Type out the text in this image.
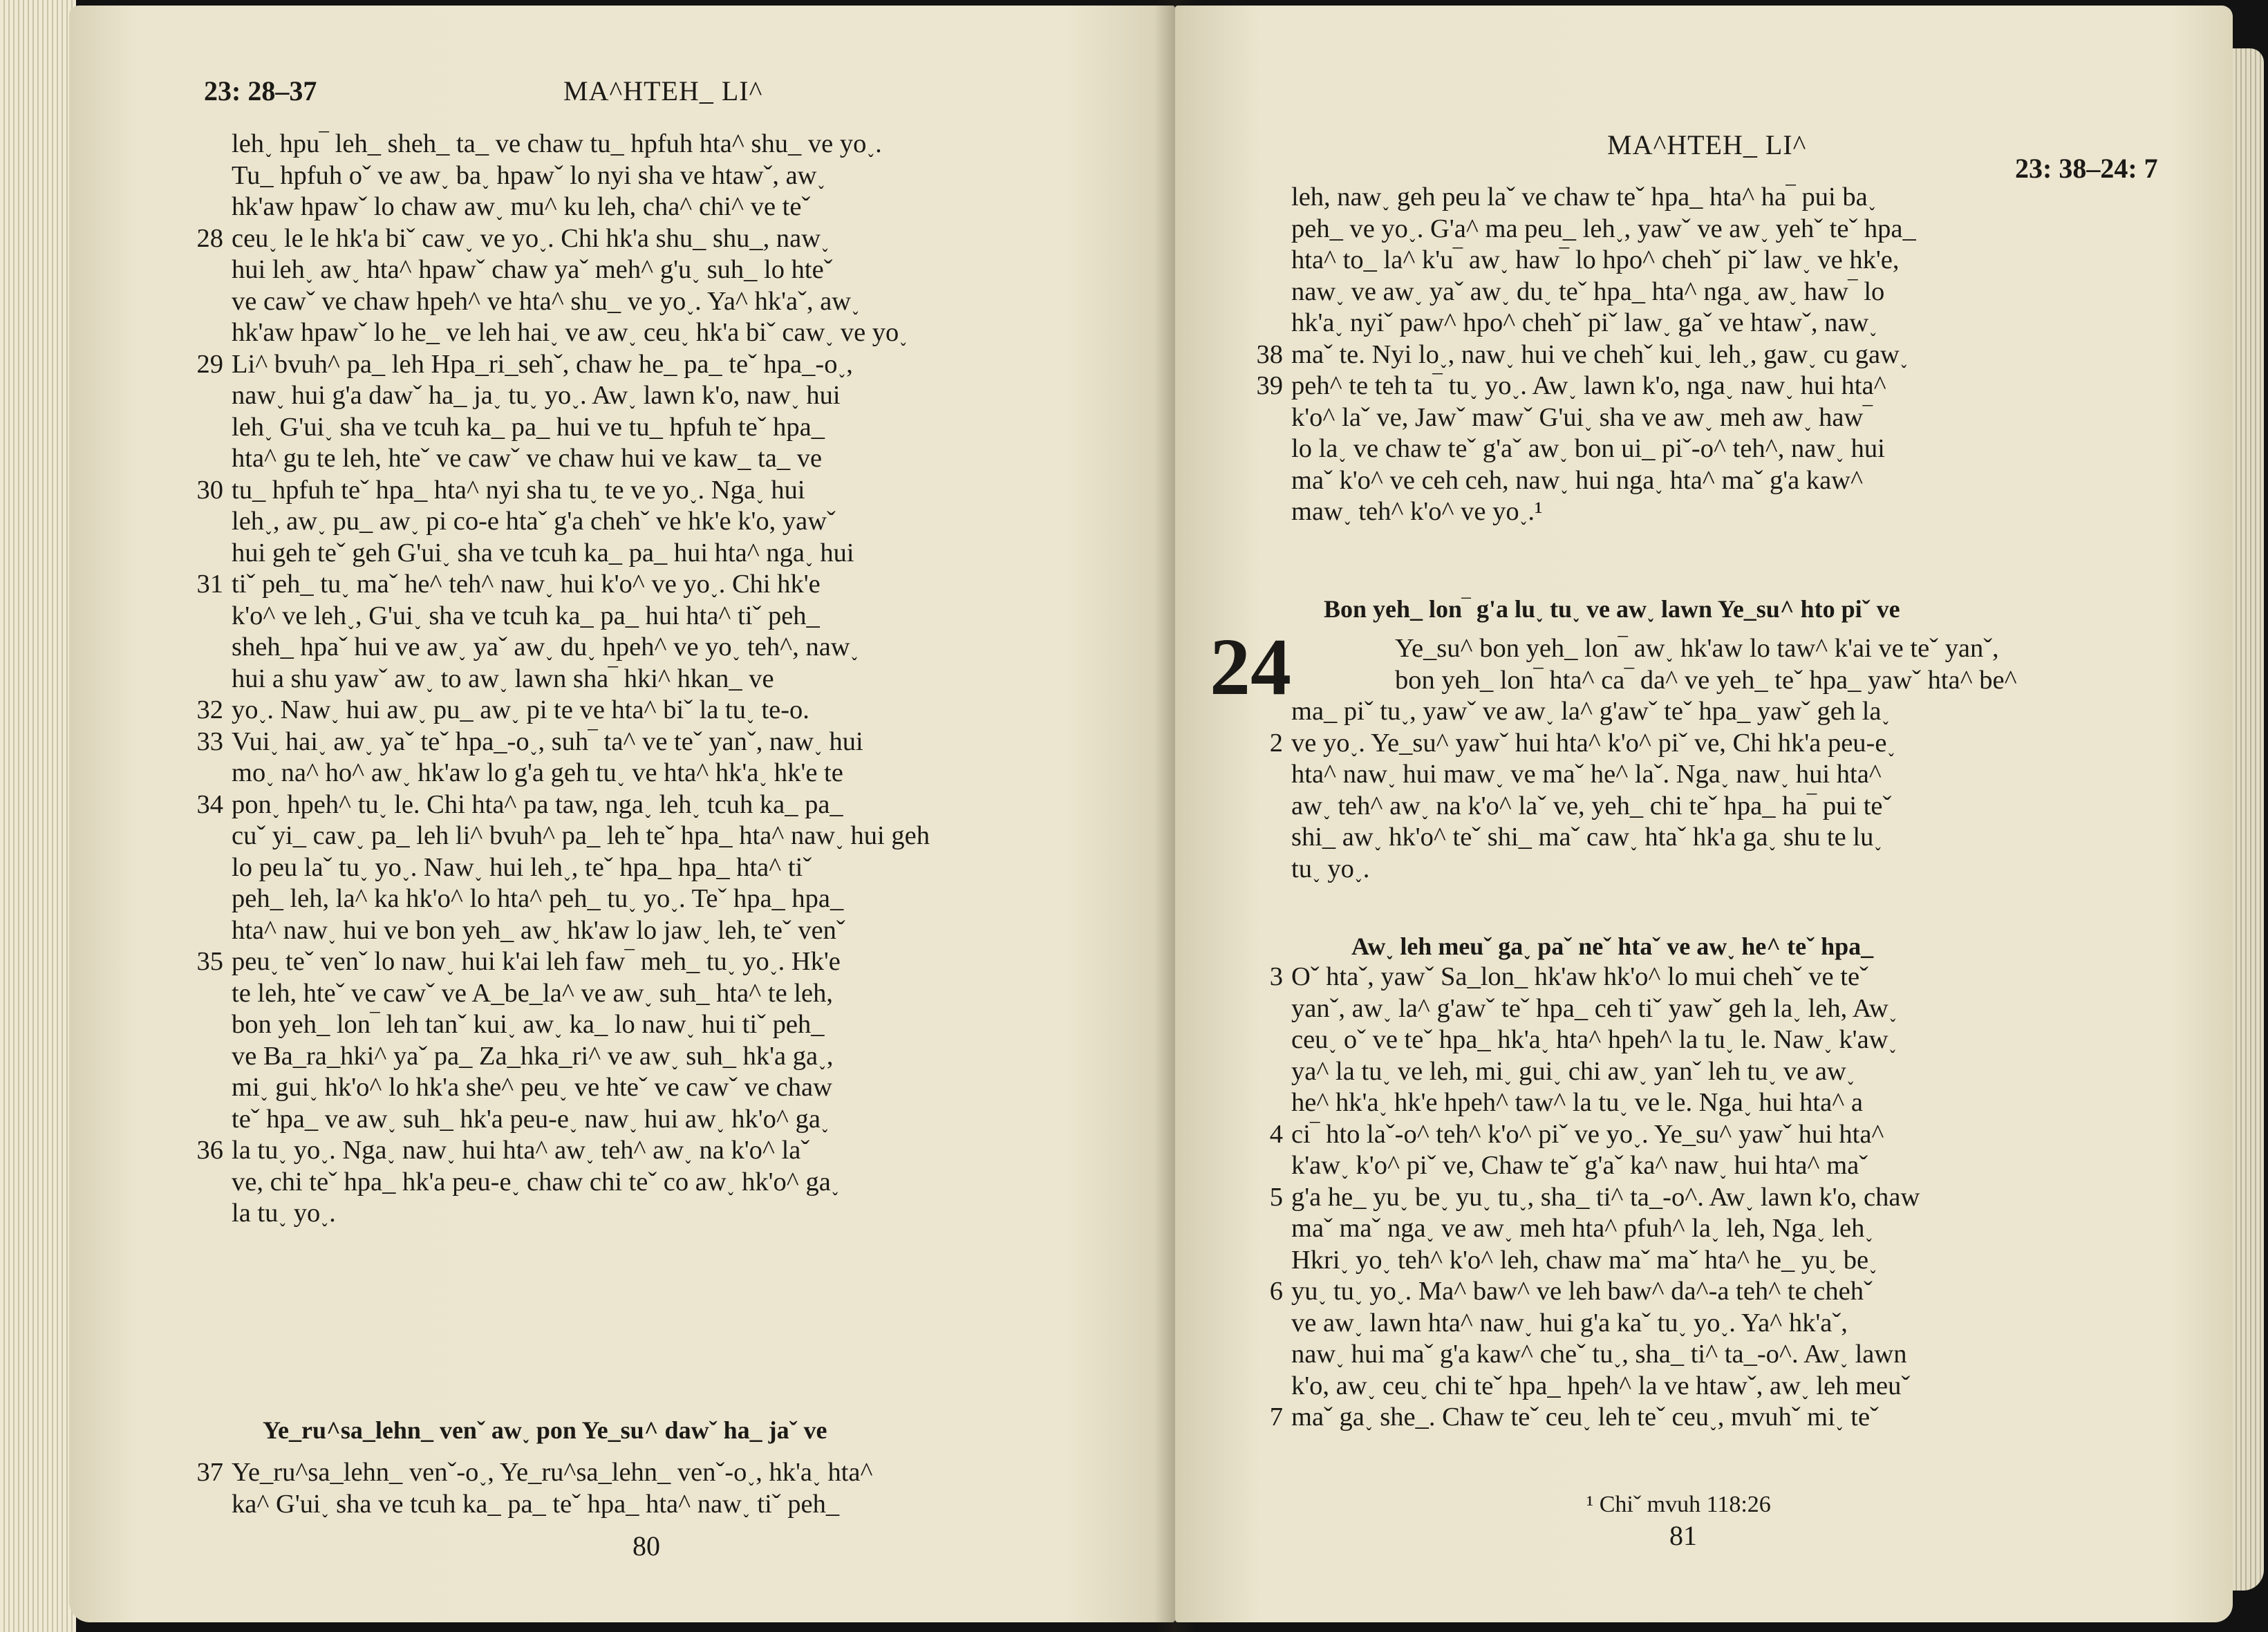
23: 28–37	MA^HTEH_ LI^
leh˯ hpu‾ leh_ sheh_ ta_ ve chaw tu_ hpfuh hta^ shu_ ve yo˯.
Tu_ hpfuh oˇ ve aw˯ ba˯ hpawˇ lo nyi sha ve htawˇ, aw˯
hk'aw hpawˇ lo chaw aw˯ mu^ ku leh, cha^ chi^ ve teˇ
28 ceu˯ le le hk'a biˇ caw˯ ve yo˯. Chi hk'a shu_ shu_, naw˯
hui leh˯ aw˯ hta^ hpawˇ chaw yaˇ meh^ g'u˯ suh_ lo hteˇ
ve cawˇ ve chaw hpeh^ ve hta^ shu_ ve yo˯. Ya^ hk'aˇ, aw˯
hk'aw hpawˇ lo he_ ve leh hai˯ ve aw˯ ceu˯ hk'a biˇ caw˯ ve yo˯
29 Li^ bvuh^ pa_ leh Hpa_ri_sehˇ, chaw he_ pa_ teˇ hpa_-o˯,
naw˯ hui g'a dawˇ ha_ ja˯ tu˯ yo˯. Aw˯ lawn k'o, naw˯ hui
leh˯ G'ui˯ sha ve tcuh ka_ pa_ hui ve tu_ hpfuh teˇ hpa_
hta^ gu te leh, hteˇ ve cawˇ ve chaw hui ve kaw_ ta_ ve
30 tu_ hpfuh teˇ hpa_ hta^ nyi sha tu˯ te ve yo˯. Nga˯ hui
leh˯, aw˯ pu_ aw˯ pi co-e htaˇ g'a chehˇ ve hk'e k'o, yawˇ
hui geh teˇ geh G'ui˯ sha ve tcuh ka_ pa_ hui hta^ nga˯ hui
31 tiˇ peh_ tu˯ maˇ he^ teh^ naw˯ hui k'o^ ve yo˯. Chi hk'e
k'o^ ve leh˯, G'ui˯ sha ve tcuh ka_ pa_ hui hta^ tiˇ peh_
sheh_ hpaˇ hui ve aw˯ yaˇ aw˯ du˯ hpeh^ ve yo˯ teh^, naw˯
hui a shu yawˇ aw˯ to aw˯ lawn sha‾ hki^ hkan_ ve
32 yo˯. Naw˯ hui aw˯ pu_ aw˯ pi te ve hta^ biˇ la tu˯ te-o.
33 Vui˯ hai˯ aw˯ yaˇ teˇ hpa_-o˯, suh‾ ta^ ve teˇ yanˇ, naw˯ hui
mo˯ na^ ho^ aw˯ hk'aw lo g'a geh tu˯ ve hta^ hk'a˯ hk'e te
34 pon˯ hpeh^ tu˯ le. Chi hta^ pa taw, nga˯ leh˯ tcuh ka_ pa_
cuˇ yi_ caw˯ pa_ leh li^ bvuh^ pa_ leh teˇ hpa_ hta^ naw˯ hui geh
lo peu laˇ tu˯ yo˯. Naw˯ hui leh˯, teˇ hpa_ hpa_ hta^ tiˇ
peh_ leh, la^ ka hk'o^ lo hta^ peh_ tu˯ yo˯. Teˇ hpa_ hpa_
hta^ naw˯ hui ve bon yeh_ aw˯ hk'aw lo jaw˯ leh, teˇ venˇ
35 peu˯ teˇ venˇ lo naw˯ hui k'ai leh faw‾ meh_ tu˯ yo˯. Hk'e
te leh, hteˇ ve cawˇ ve A_be_la^ ve aw˯ suh_ hta^ te leh,
bon yeh_ lon‾ leh tanˇ kui˯ aw˯ ka_ lo naw˯ hui tiˇ peh_
ve Ba_ra_hki^ yaˇ pa_ Za_hka_ri^ ve aw˯ suh_ hk'a ga˯,
mi˯ gui˯ hk'o^ lo hk'a she^ peu˯ ve hteˇ ve cawˇ ve chaw
teˇ hpa_ ve aw˯ suh_ hk'a peu-e˯ naw˯ hui aw˯ hk'o^ ga˯
36 la tu˯ yo˯. Nga˯ naw˯ hui hta^ aw˯ teh^ aw˯ na k'o^ laˇ
ve, chi teˇ hpa_ hk'a peu-e˯ chaw chi teˇ co aw˯ hk'o^ ga˯
la tu˯ yo˯.
Ye_ru^sa_lehn_ venˇ aw˯ pon Ye_su^ dawˇ ha_ jaˇ ve
37 Ye_ru^sa_lehn_ venˇ-o˯, Ye_ru^sa_lehn_ venˇ-o˯, hk'a˯ hta^
ka^ G'ui˯ sha ve tcuh ka_ pa_ teˇ hpa_ hta^ naw˯ tiˇ peh_
80
MA^HTEH_ LI^
23: 38–24: 7
leh, naw˯ geh peu laˇ ve chaw teˇ hpa_ hta^ ha‾ pui ba˯
peh_ ve yo˯. G'a^ ma peu_ leh˯, yawˇ ve aw˯ yehˇ teˇ hpa_
hta^ to_ la^ k'u‾ aw˯ haw‾ lo hpo^ chehˇ piˇ law˯ ve hk'e,
naw˯ ve aw˯ yaˇ aw˯ du˯ teˇ hpa_ hta^ nga˯ aw˯ haw‾ lo
hk'a˯ nyiˇ paw^ hpo^ chehˇ piˇ law˯ gaˇ ve htawˇ, naw˯
38 maˇ te. Nyi lo˯, naw˯ hui ve chehˇ kui˯ leh˯, gaw˯ cu gaw˯
39 peh^ te teh ta‾ tu˯ yo˯. Aw˯ lawn k'o, nga˯ naw˯ hui hta^
k'o^ laˇ ve, Jawˇ mawˇ G'ui˯ sha ve aw˯ meh aw˯ haw‾
lo la˯ ve chaw teˇ g'aˇ aw˯ bon ui_ piˇ-o^ teh^, naw˯ hui
maˇ k'o^ ve ceh ceh, naw˯ hui nga˯ hta^ maˇ g'a kaw^
maw˯ teh^ k'o^ ve yo˯.¹
Bon yeh_ lon‾ g'a lu˯ tu˯ ve aw˯ lawn Ye_su^ hto piˇ ve
24	Ye_su^ bon yeh_ lon‾ aw˯ hk'aw lo taw^ k'ai ve teˇ yanˇ,
bon yeh_ lon‾ hta^ ca‾ da^ ve yeh_ teˇ hpa_ yawˇ hta^ be^
ma_ piˇ tu˯, yawˇ ve aw˯ la^ g'awˇ teˇ hpa_ yawˇ geh la˯
2 ve yo˯. Ye_su^ yawˇ hui hta^ k'o^ piˇ ve, Chi hk'a peu-e˯
hta^ naw˯ hui maw˯ ve maˇ he^ laˇ. Nga˯ naw˯ hui hta^
aw˯ teh^ aw˯ na k'o^ laˇ ve, yeh_ chi teˇ hpa_ ha‾ pui teˇ
shi_ aw˯ hk'o^ teˇ shi_ maˇ caw˯ htaˇ hk'a ga˯ shu te lu˯
tu˯ yo˯.
Aw˯ leh meuˇ ga˯ paˇ neˇ htaˇ ve aw˯ he^ teˇ hpa_
3 Oˇ htaˇ, yawˇ Sa_lon_ hk'aw hk'o^ lo mui chehˇ ve teˇ
yanˇ, aw˯ la^ g'awˇ teˇ hpa_ ceh tiˇ yawˇ geh la˯ leh, Aw˯
ceu˯ oˇ ve teˇ hpa_ hk'a˯ hta^ hpeh^ la tu˯ le. Naw˯ k'aw˯
ya^ la tu˯ ve leh, mi˯ gui˯ chi aw˯ yanˇ leh tu˯ ve aw˯
he^ hk'a˯ hk'e hpeh^ taw^ la tu˯ ve le. Nga˯ hui hta^ a
4 ci‾ hto laˇ-o^ teh^ k'o^ piˇ ve yo˯. Ye_su^ yawˇ hui hta^
k'aw˯ k'o^ piˇ ve, Chaw teˇ g'aˇ ka^ naw˯ hui hta^ maˇ
5 g'a he_ yu˯ be˯ yu˯ tu˯, sha_ ti^ ta_-o^. Aw˯ lawn k'o, chaw
maˇ maˇ nga˯ ve aw˯ meh hta^ pfuh^ la˯ leh, Nga˯ leh˯
Hkri˯ yo˯ teh^ k'o^ leh, chaw maˇ maˇ hta^ he_ yu˯ be˯
6 yu˯ tu˯ yo˯. Ma^ baw^ ve leh baw^ da^-a teh^ te chehˇ
ve aw˯ lawn hta^ naw˯ hui g'a kaˇ tu˯ yo˯. Ya^ hk'aˇ,
naw˯ hui maˇ g'a kaw^ cheˇ tu˯, sha_ ti^ ta_-o^. Aw˯ lawn
k'o, aw˯ ceu˯ chi teˇ hpa_ hpeh^ la ve htawˇ, aw˯ leh meuˇ
7 maˇ ga˯ she_. Chaw teˇ ceu˯ leh teˇ ceu˯, mvuhˇ mi˯ teˇ
¹ Chiˇ mvuh 118:26
81
